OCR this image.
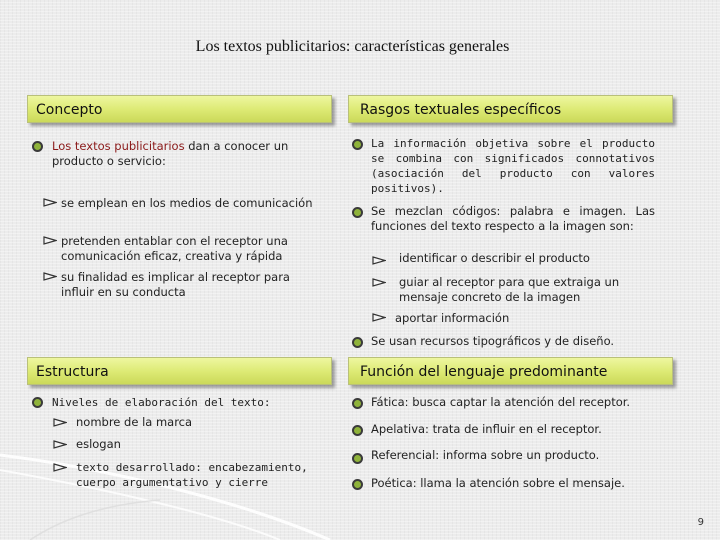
Los textos publicitarios: características generales
Concepto
Los textos publicitarios dan a conocer un producto o servicio:
se emplean en los medios de comunicación
pretenden entablar con el receptor una comunicación eficaz, creativa y rápida
su finalidad es implicar al receptor para influir en su conducta
Rasgos textuales específicos
La información objetiva sobre el producto se combina con significados connotativos (asociación del producto con valores positivos).
Se mezclan códigos: palabra e imagen. Las funciones del texto respecto a la imagen son:
identificar o describir el producto
guiar al receptor para que extraiga un mensaje concreto de la imagen
aportar información
Se usan recursos tipográficos y de diseño.
Estructura
Niveles de elaboración del texto:
nombre de la marca
eslogan
texto desarrollado: encabezamiento, cuerpo argumentativo y cierre
Función del lenguaje predominante
Fática: busca captar la atención del receptor.
Apelativa: trata de influir en el receptor.
Referencial: informa sobre un producto.
Poética: llama la atención sobre el mensaje.
9
